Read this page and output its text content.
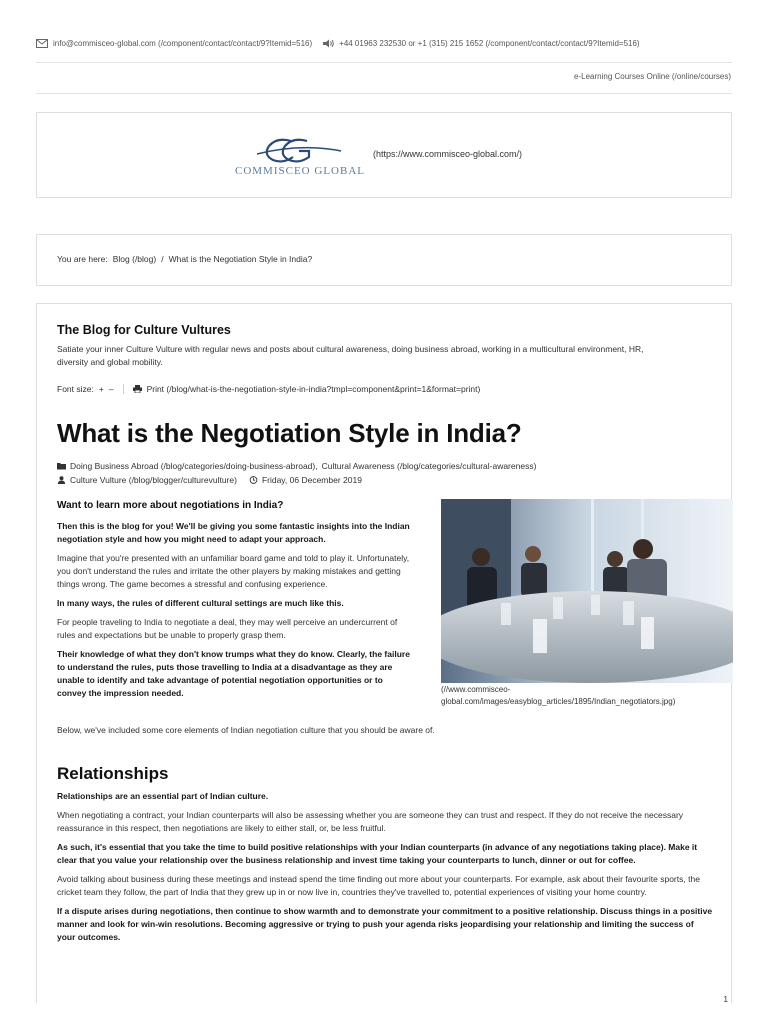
info@commisceo-global.com (/component/contact/contact/9?Itemid=516)	+44 01963 232530 or +1 (315) 215 1652 (/component/contact/contact/9?Itemid=516)
e-Learning Courses Online (/online/courses)
COMMISCEO GLOBAL
(https://www.commisceo-global.com/)
You are here: Blog (/blog) / What is the Negotiation Style in India?
The Blog for Culture Vultures
Satiate your inner Culture Vulture with regular news and posts about cultural awareness, doing business abroad, working in a multicultural environment, HR, diversity and global mobility.
Font size: + –	Print (/blog/what-is-the-negotiation-style-in-india?tmpl=component&print=1&format=print)
What is the Negotiation Style in India?
Doing Business Abroad (/blog/categories/doing-business-abroad), Cultural Awareness (/blog/categories/cultural-awareness)
Culture Vulture (/blog/blogger/culturevulture)	Friday, 06 December 2019
Want to learn more about negotiations in India?

Then this is the blog for you! We'll be giving you some fantastic insights into the Indian negotiation style and how you might need to adapt your approach.

Imagine that you're presented with an unfamiliar board game and told to play it. Unfortunately, you don't understand the rules and irritate the other players by making mistakes and getting things wrong. The game becomes a stressful and confusing experience.

In many ways, the rules of different cultural settings are much like this.

For people traveling to India to negotiate a deal, they may well perceive an undercurrent of rules and expectations but be unable to properly grasp them.

Their knowledge of what they don't know trumps what they do know. Clearly, the failure to understand the rules, puts those travelling to India at a disadvantage as they are unable to identify and take advantage of potential negotiation opportunities or to convey the impression needed.	(//www.commisceo-global.com/images/easyblog_articles/1895/Indian_negotiators.jpg)
Below, we've included some core elements of Indian negotiation culture that you should be aware of.
Relationships

Relationships are an essential part of Indian culture.

When negotiating a contract, your Indian counterparts will also be assessing whether you are someone they can trust and respect. If they do not receive the necessary reassurance in this respect, then negotiations are likely to either stall, or, be less fruitful.

As such, it's essential that you take the time to build positive relationships with your Indian counterparts (in advance of any negotiations taking place). Make it clear that you value your relationship over the business relationship and invest time taking your counterparts to lunch, dinner or out for coffee.

Avoid talking about business during these meetings and instead spend the time finding out more about your counterparts. For example, ask about their favourite sports, the cricket team they follow, the part of India that they grew up in or now live in, countries they've travelled to, potential experiences of visiting your home country.

If a dispute arises during negotiations, then continue to show warmth and to demonstrate your commitment to a positive relationship. Discuss things in a positive manner and look for win-win resolutions. Becoming aggressive or trying to push your agenda risks jeopardising your relationship and limiting the success of your outcomes.

1
